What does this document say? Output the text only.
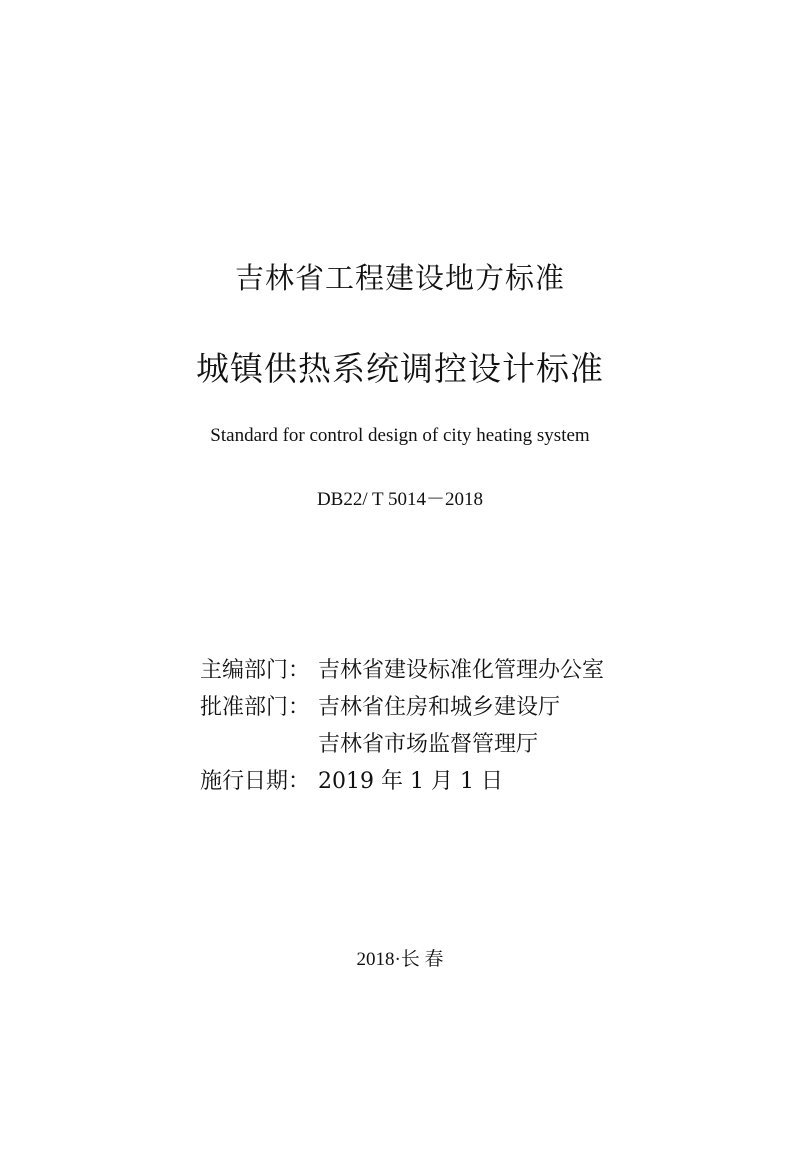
吉林省工程建设地方标准
城镇供热系统调控设计标准
Standard for control design of city heating system
DB22/ T 5014－2018
主编部门： 吉林省建设标准化管理办公室
批准部门： 吉林省住房和城乡建设厅
吉林省市场监督管理厅
施行日期： 2019 年 1 月 1 日
2018·长 春
